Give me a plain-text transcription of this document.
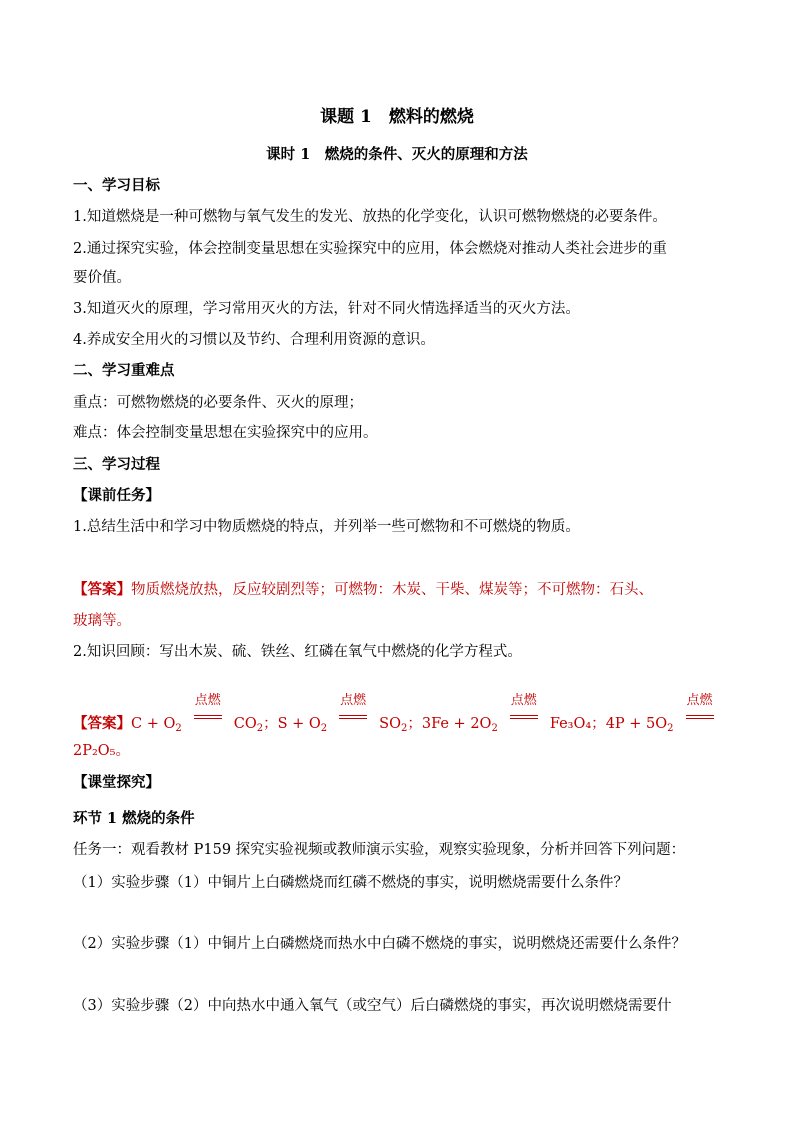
课题 1　燃料的燃烧
课时 1　燃烧的条件、灭火的原理和方法
一、学习目标
1.知道燃烧是一种可燃物与氧气发生的发光、放热的化学变化，认识可燃物燃烧的必要条件。
2.通过探究实验，体会控制变量思想在实验探究中的应用，体会燃烧对推动人类社会进步的重
要价值。
3.知道灭火的原理，学习常用灭火的方法，针对不同火情选择适当的灭火方法。
4.养成安全用火的习惯以及节约、合理利用资源的意识。
二、学习重难点
重点：可燃物燃烧的必要条件、灭火的原理；
难点：体会控制变量思想在实验探究中的应用。
三、学习过程
【课前任务】
1.总结生活中和学习中物质燃烧的特点，并列举一些可燃物和不可燃烧的物质。
【答案】物质燃烧放热，反应较剧烈等；可燃物：木炭、干柴、煤炭等；不可燃物：石头、
玻璃等。
2.知识回顾：写出木炭、硫、铁丝、红磷在氧气中燃烧的化学方程式。
【答案】$C + O_2$
点燃
$CO_2$；$S + O_2$
点燃
$SO_2$；$3Fe + 2O_2$
点燃
Fe₃O₄；$4P + 5O_2$
点燃
2P₂O₅。
【课堂探究】
环节 1 燃烧的条件
任务一：观看教材 P159 探究实验视频或教师演示实验，观察实验现象，分析并回答下列问题：
（1）实验步骤（1）中铜片上白磷燃烧而红磷不燃烧的事实，说明燃烧需要什么条件？
（2）实验步骤（1）中铜片上白磷燃烧而热水中白磷不燃烧的事实，说明燃烧还需要什么条件？
（3）实验步骤（2）中向热水中通入氧气（或空气）后白磷燃烧的事实，再次说明燃烧需要什
